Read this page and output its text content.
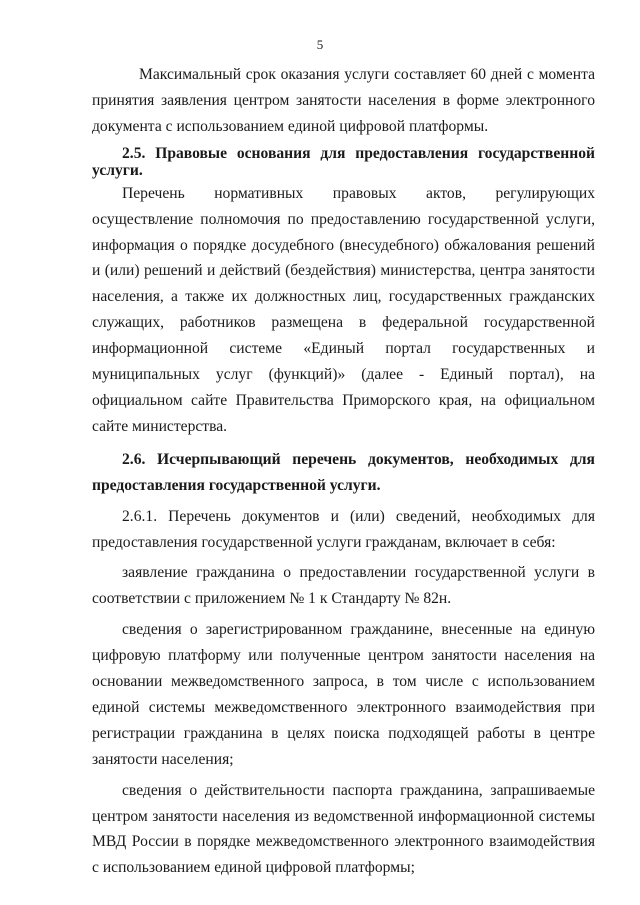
5

Максимальный срок оказания услуги составляет 60 дней с момента принятия заявления центром занятости населения в форме электронного документа с использованием единой цифровой платформы.

2.5. Правовые основания для предоставления государственной услуги.

Перечень нормативных правовых актов, регулирующих осуществление полномочия по предоставлению государственной услуги, информация о порядке досудебного (внесудебного) обжалования решений и (или) решений и действий (бездействия) министерства, центра занятости населения, а также их должностных лиц, государственных гражданских служащих, работников размещена в федеральной государственной информационной системе «Единый портал государственных и муниципальных услуг (функций)» (далее - Единый портал), на официальном сайте Правительства Приморского края, на официальном сайте министерства.

2.6. Исчерпывающий перечень документов, необходимых для предоставления государственной услуги.

2.6.1. Перечень документов и (или) сведений, необходимых для предоставления государственной услуги гражданам, включает в себя:

заявление гражданина о предоставлении государственной услуги в соответствии с приложением № 1 к Стандарту № 82н.

сведения о зарегистрированном гражданине, внесенные на единую цифровую платформу или полученные центром занятости населения на основании межведомственного запроса, в том числе с использованием единой системы межведомственного электронного взаимодействия при регистрации гражданина в целях поиска подходящей работы в центре занятости населения;

сведения о действительности паспорта гражданина, запрашиваемые центром занятости населения из ведомственной информационной системы МВД России в порядке межведомственного электронного взаимодействия с использованием единой цифровой платформы;
